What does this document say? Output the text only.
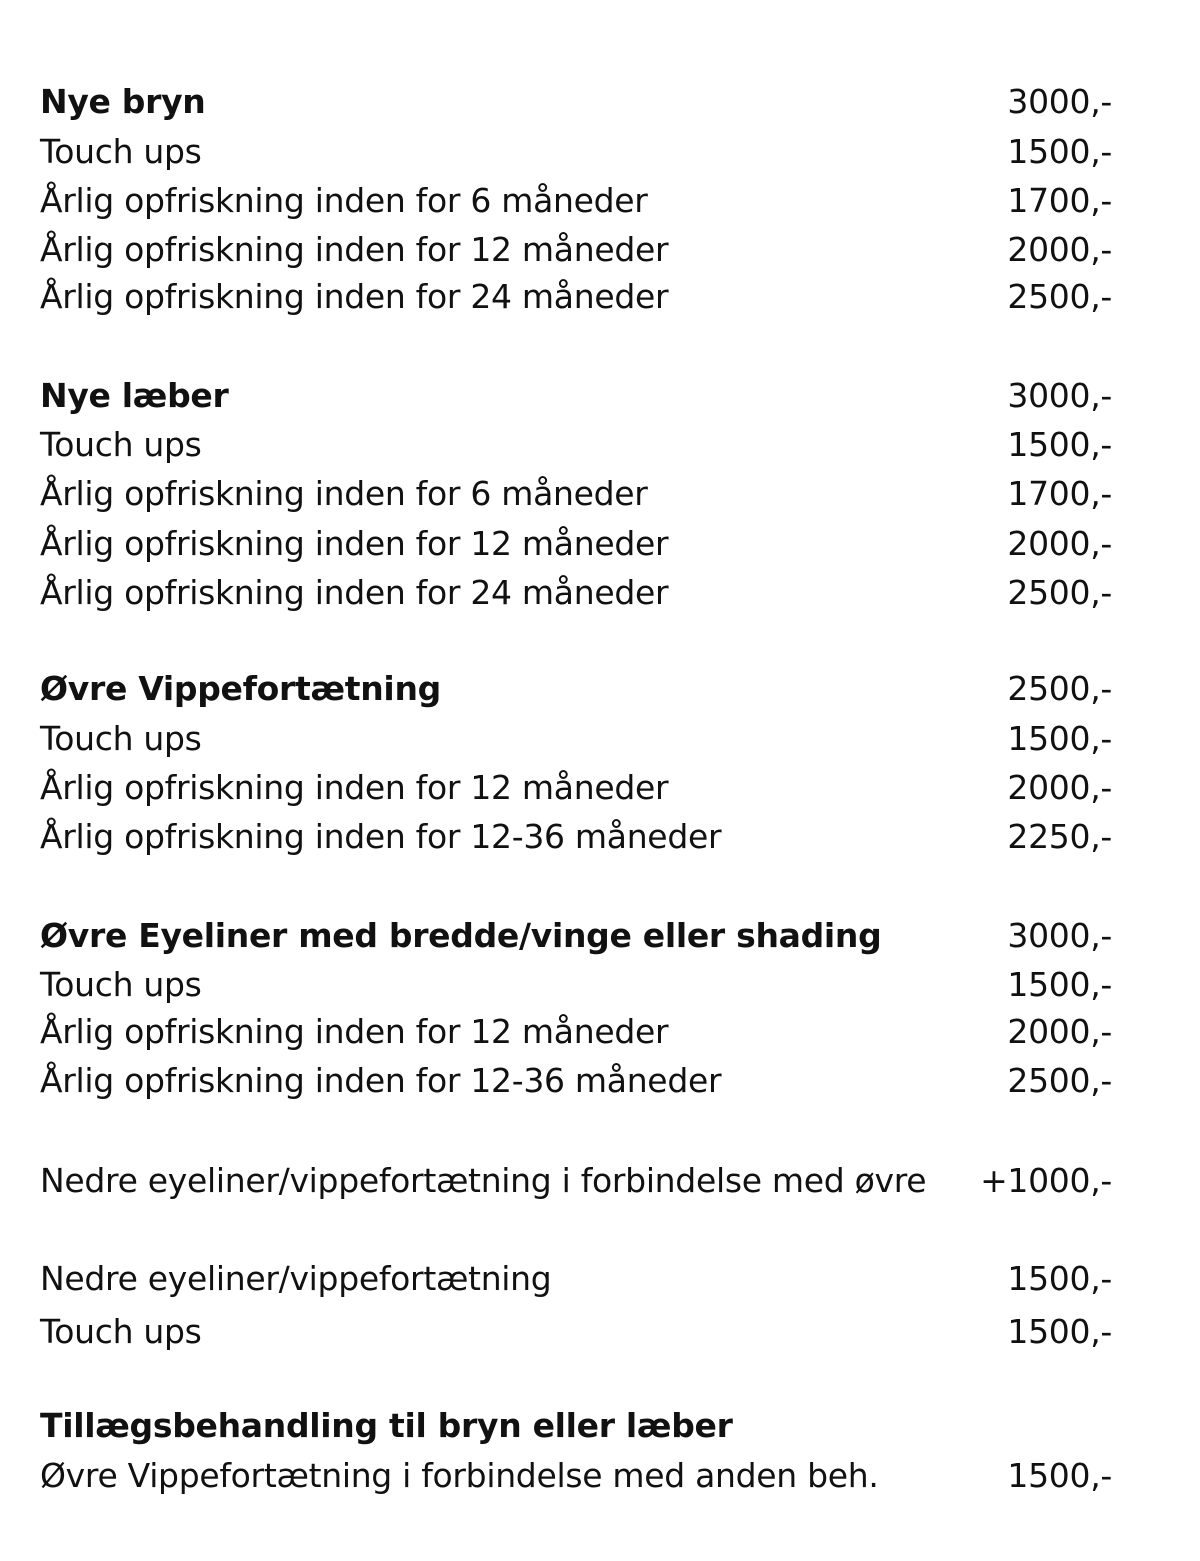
Nye bryn	3000,-
Touch ups	1500,-
Årlig opfriskning inden for 6 måneder	1700,-
Årlig opfriskning inden for 12 måneder	2000,-
Årlig opfriskning inden for 24 måneder	2500,-
Nye læber	3000,-
Touch ups	1500,-
Årlig opfriskning inden for 6 måneder	1700,-
Årlig opfriskning inden for 12 måneder	2000,-
Årlig opfriskning inden for 24 måneder	2500,-
Øvre Vippefortætning	2500,-
Touch ups	1500,-
Årlig opfriskning inden for 12 måneder	2000,-
Årlig opfriskning inden for 12-36 måneder	2250,-
Øvre Eyeliner med bredde/vinge eller shading	3000,-
Touch ups	1500,-
Årlig opfriskning inden for 12 måneder	2000,-
Årlig opfriskning inden for 12-36 måneder	2500,-
Nedre eyeliner/vippefortætning i forbindelse med øvre +1000,-
Nedre eyeliner/vippefortætning	1500,-
Touch ups	1500,-
Tillægsbehandling til bryn eller læber
Øvre Vippefortætning i forbindelse med anden beh.	1500,-
